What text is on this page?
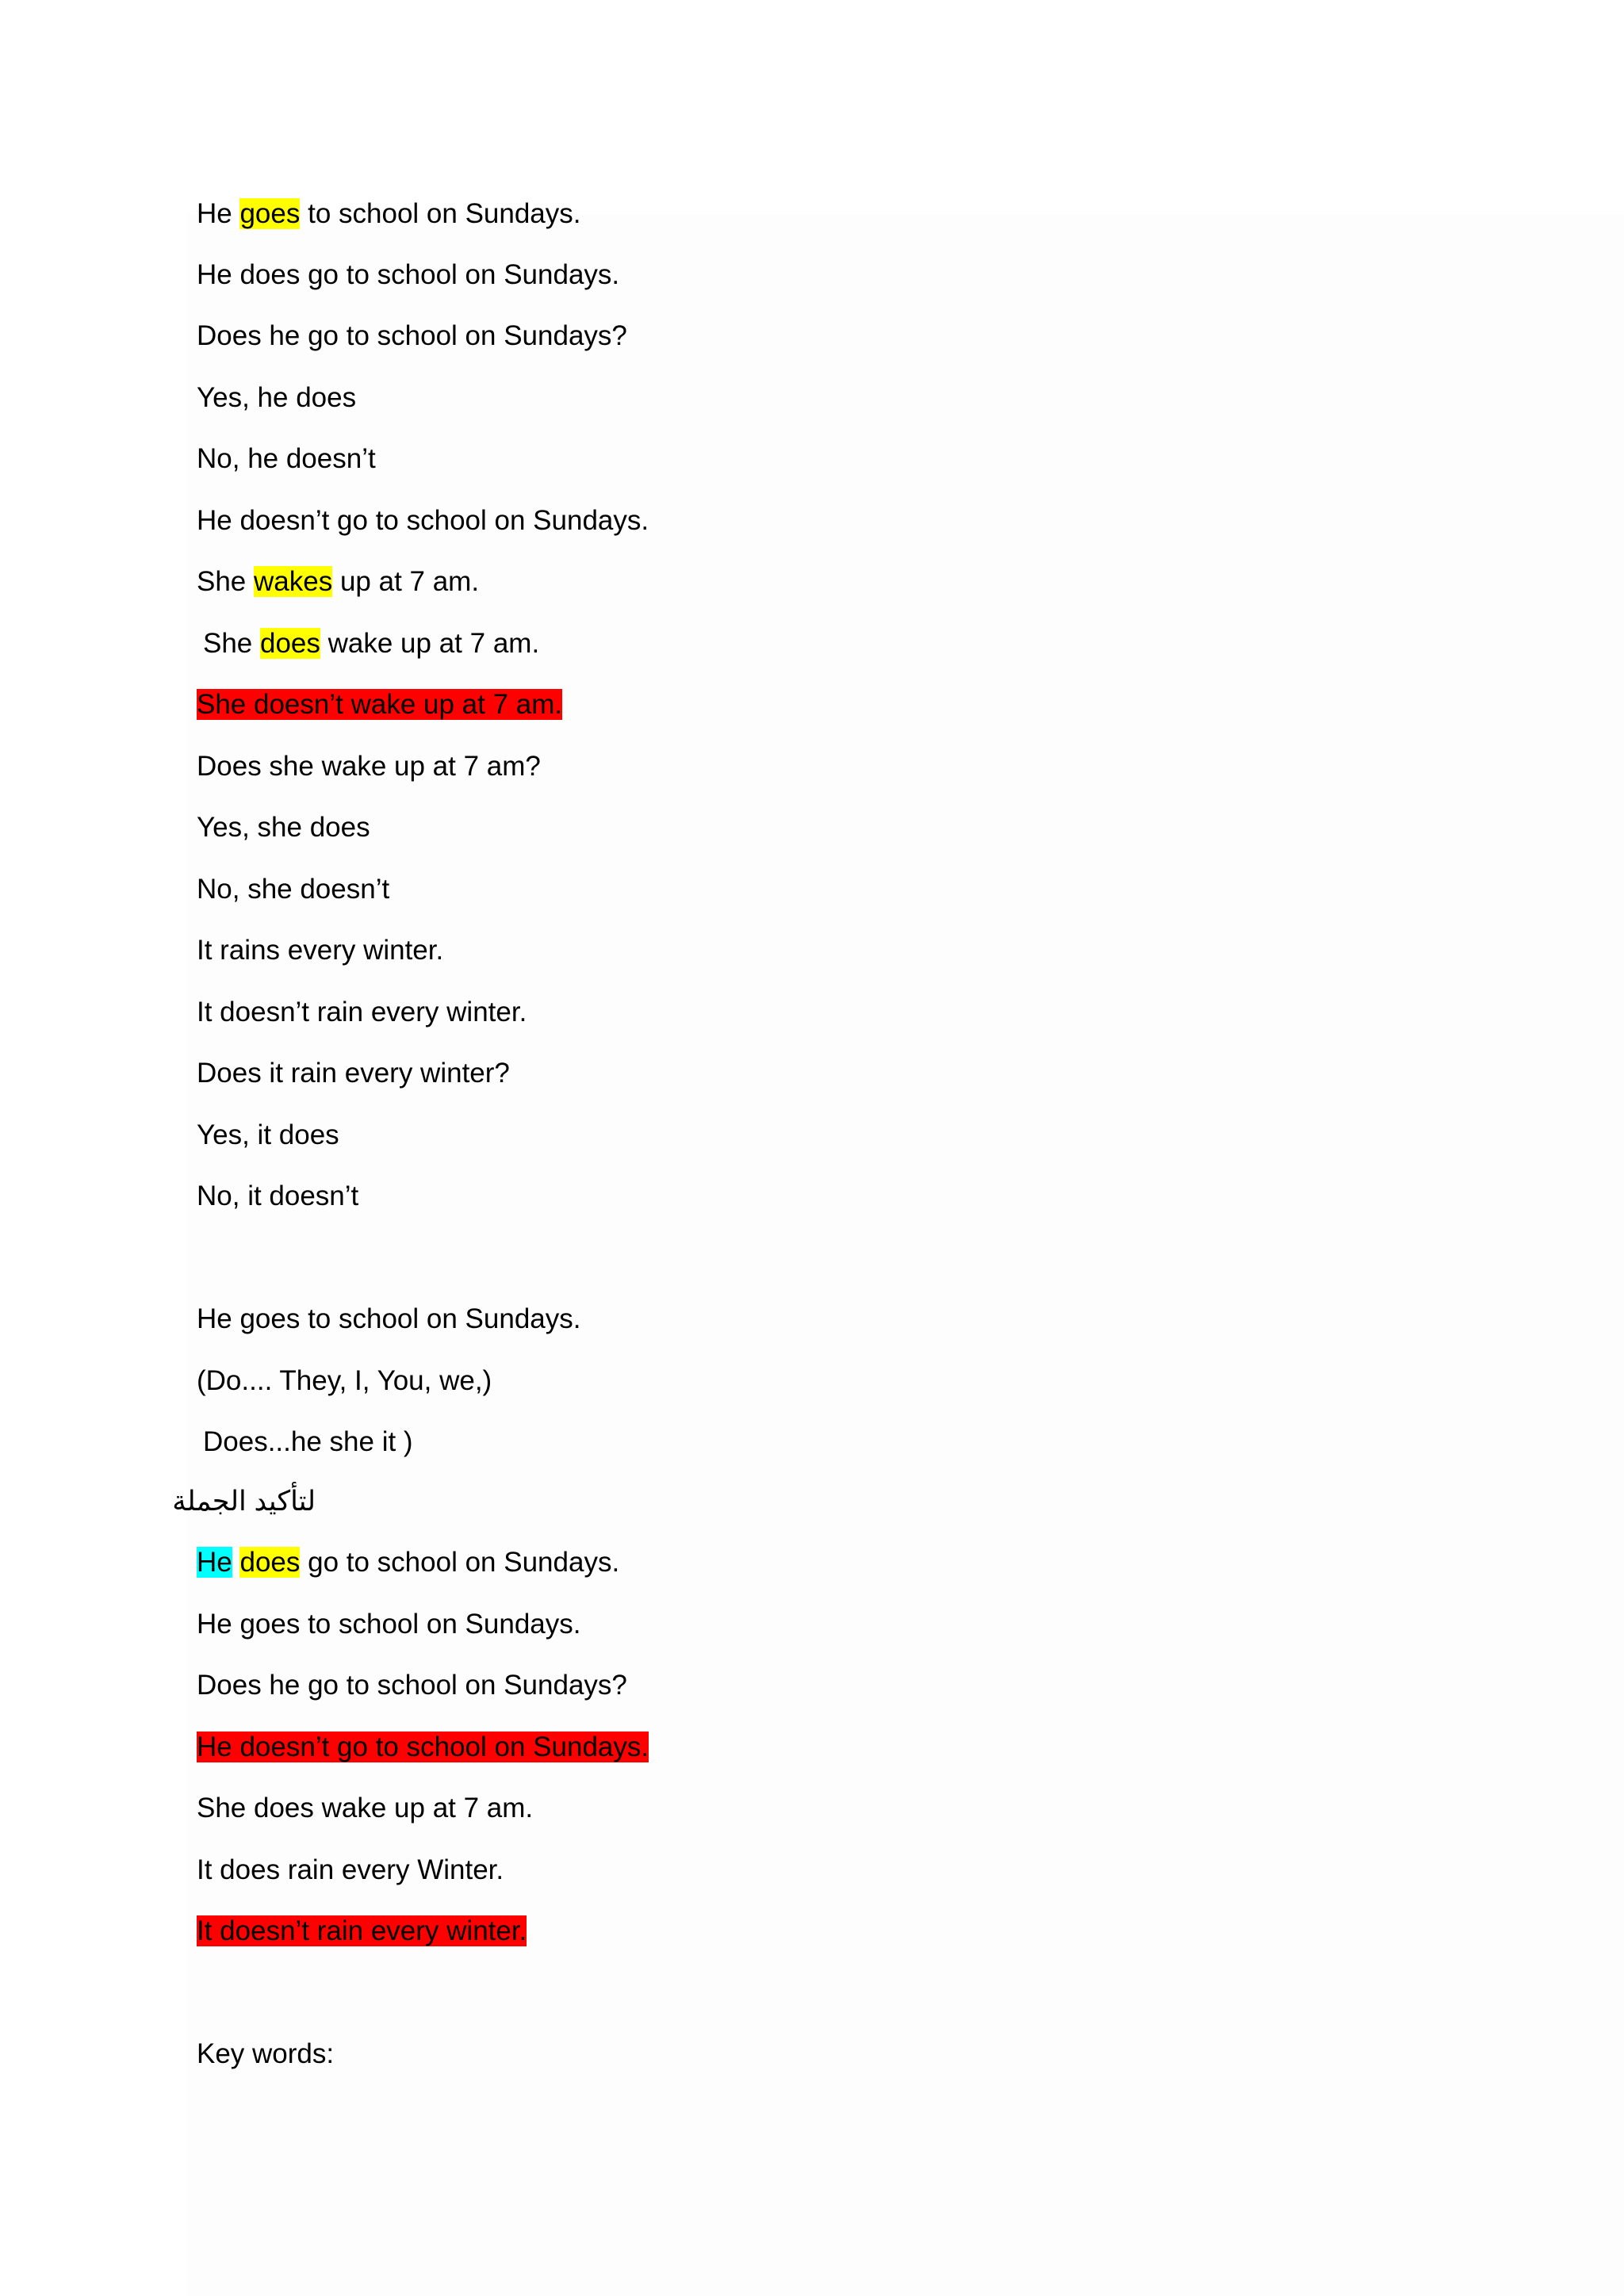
He goes to school on Sundays.
He does go to school on Sundays.
Does he go to school on Sundays?
Yes, he does
No, he doesn’t
He doesn’t go to school on Sundays.
She wakes up at 7 am.
She does wake up at 7 am.
She doesn’t wake up at 7 am.
Does she wake up at 7 am?
Yes, she does
No, she doesn’t
It rains every winter.
It doesn’t rain every winter.
Does it rain every winter?
Yes, it does
No, it doesn’t
He goes to school on Sundays.
(Do.... They, I, You, we,)
Does...he she it )
لتأكيد الجملة
He does go to school on Sundays.
He goes to school on Sundays.
Does he go to school on Sundays?
He doesn’t go to school on Sundays.
She does wake up at 7 am.
It does rain every Winter.
It doesn’t rain every winter.
Key words:
